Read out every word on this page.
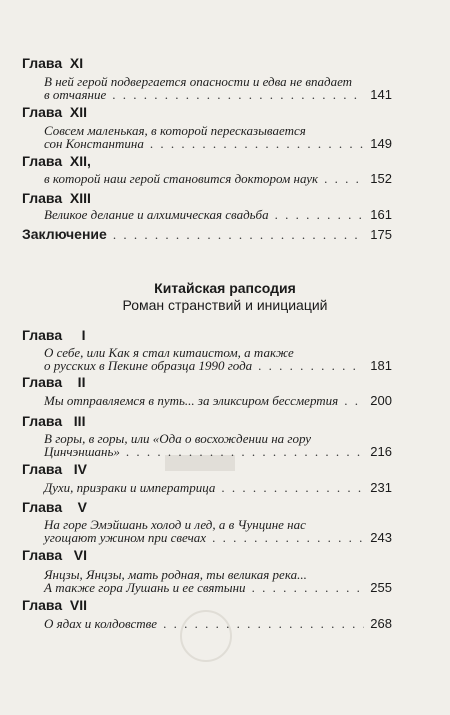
Глава  XI
В ней герой подвергается опасности и едва не впадает
в отчаяние . . .	141
Глава  XII
Совсем маленькая, в которой пересказывается
сон Константина . . .	149
Глава  XII,
в которой наш герой становится доктором наук . . .	152
Глава  XIII
Великое делание и алхимическая свадьба . . .	161
Заключение . . .	175
Китайская рапсодия
Роман странствий и инициаций
Глава     I
О себе, или Как я стал китаистом, а также
о русских в Пекине образца 1990 года . . .	181
Глава    II
Мы отправляемся в путь... за эликсиром бессмертия . . . 200
Глава   III
В горы, в горы, или «Ода о восхождении на гору
Цинчэншань» . . .	216
Глава   IV
Духи, призраки и императрица . . .	231
Глава    V
На горе Эмэйшань холод и лед, а в Чунцине нас
угощают ужином при свечах . . .	243
Глава   VI
Янцзы, Янцзы, мать родная, ты великая река...
А также гора Лушань и ее святыни . . .	255
Глава  VII
О ядах и колдовстве . . .	268
